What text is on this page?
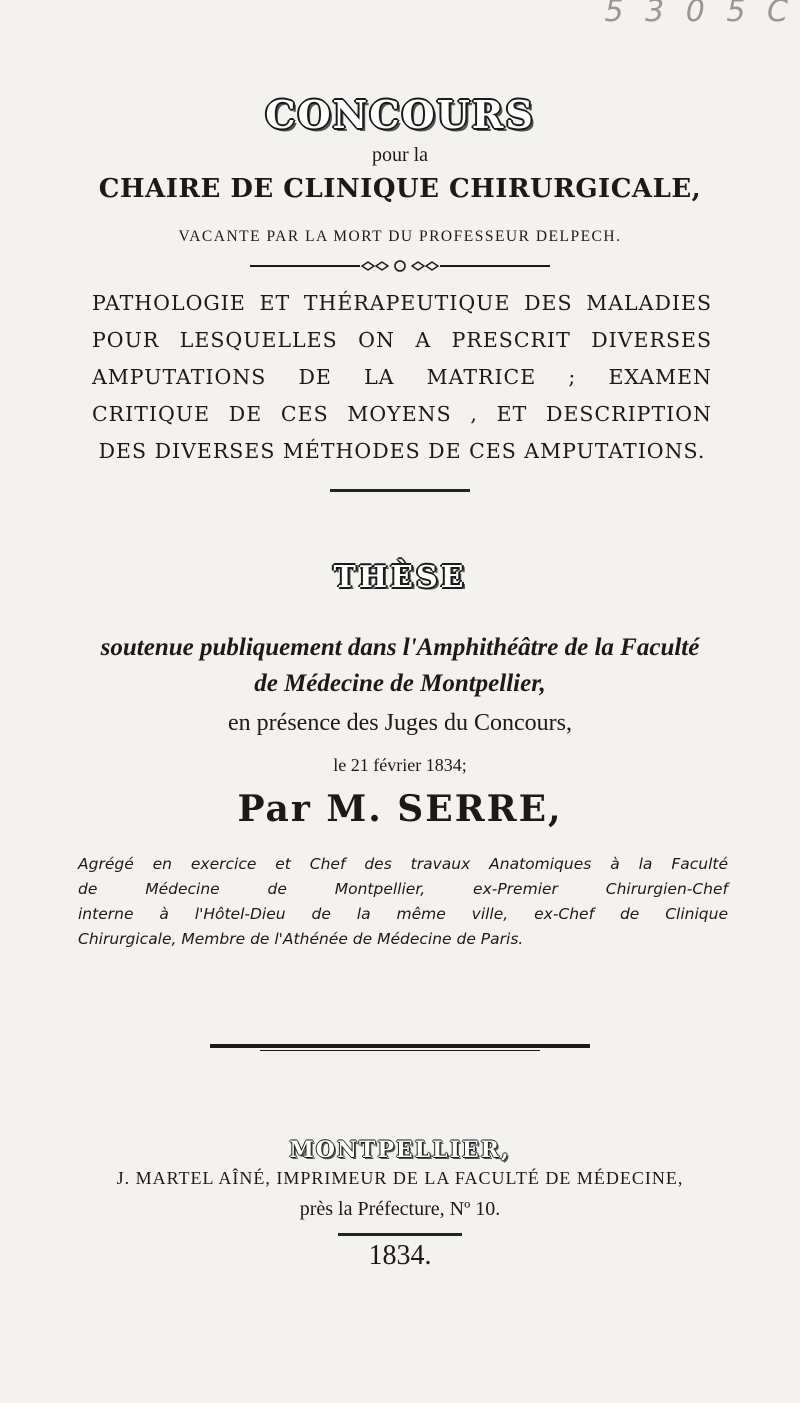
5 3 0 5 C
CONCOURS
pour la
CHAIRE DE CLINIQUE CHIRURGICALE,
VACANTE PAR LA MORT DU PROFESSEUR DELPECH.
PATHOLOGIE ET THÉRAPEUTIQUE DES MALADIES
POUR LESQUELLES ON A PRESCRIT DIVERSES
AMPUTATIONS DE LA MATRICE ; EXAMEN
CRITIQUE DE CES MOYENS , ET DESCRIPTION
DES DIVERSES MÉTHODES DE CES AMPUTATIONS.
THÈSE
soutenue publiquement dans l'Amphithéâtre de la Faculté
de Médecine de Montpellier,
en présence des Juges du Concours,
le 21 février 1834;
Par M. SERRE,
Agrégé en exercice et Chef des travaux Anatomiques à la Faculté
de Médecine de Montpellier, ex-Premier Chirurgien-Chef
interne à l'Hôtel-Dieu de la même ville, ex-Chef de Clinique
Chirurgicale, Membre de l'Athénée de Médecine de Paris.
MONTPELLIER,
J. MARTEL AÎNÉ, IMPRIMEUR DE LA FACULTÉ DE MÉDECINE,
près la Préfecture, Nº 10.
1834.
